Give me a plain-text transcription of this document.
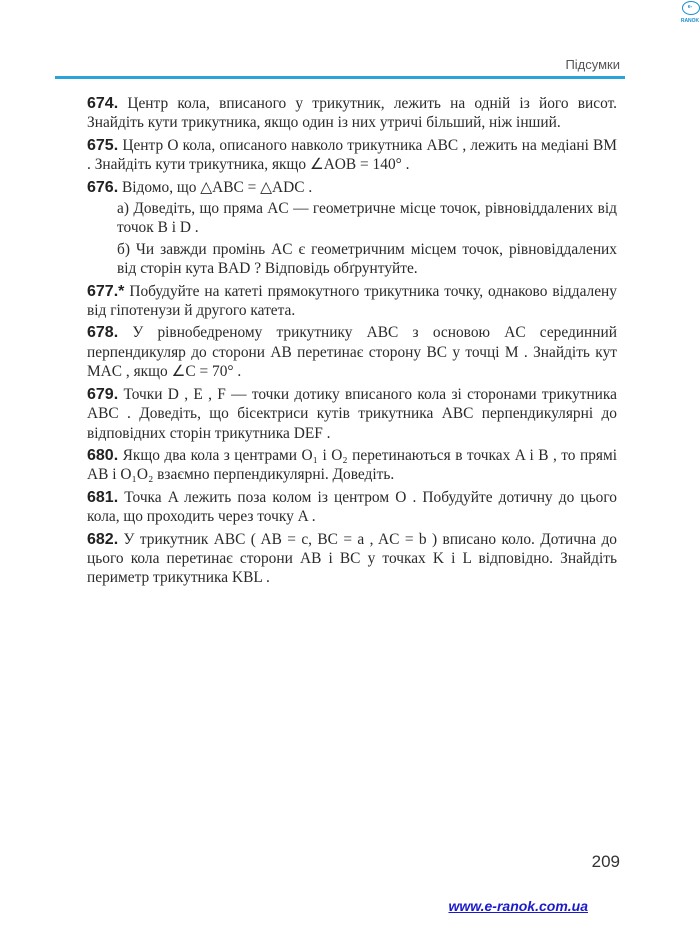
e-RANOK
Підсумки

674. Центр кола, вписаного у трикутник, лежить на одній із його висот. Знайдіть кути трикутника, якщо один із них утричі більший, ніж інший.

675. Центр O кола, описаного навколо трикутника ABC , лежить на медіані BM . Знайдіть кути трикутника, якщо ∠AOB = 140° .

676. Відомо, що △ABC = △ADC .
а) Доведіть, що пряма AC — геометричне місце точок, рівновіддалених від точок B і D .
б) Чи завжди промінь AC є геометричним місцем точок, рівновіддалених від сторін кута BAD ? Відповідь обґрунтуйте.

677.* Побудуйте на катеті прямокутного трикутника точку, однаково віддалену від гіпотенузи й другого катета.

678. У рівнобедреному трикутнику ABC з основою AC серединний перпендикуляр до сторони AB перетинає сторону BC у точці M . Знайдіть кут MAC , якщо ∠C = 70° .

679. Точки D , E , F — точки дотику вписаного кола зі сторонами трикутника ABC . Доведіть, що бісектриси кутів трикутника ABC перпендикулярні до відповідних сторін трикутника DEF .

680. Якщо два кола з центрами O₁ і O₂ перетинаються в точках A і B , то прямі AB і O₁O₂ взаємно перпендикулярні. Доведіть.

681. Точка A лежить поза колом із центром O . Побудуйте дотичну до цього кола, що проходить через точку A .

682. У трикутник ABC ( AB = c, BC = a , AC = b ) вписано коло. Дотична до цього кола перетинає сторони AB і BC у точках K і L відповідно. Знайдіть периметр трикутника KBL .

209
www.e-ranok.com.ua
